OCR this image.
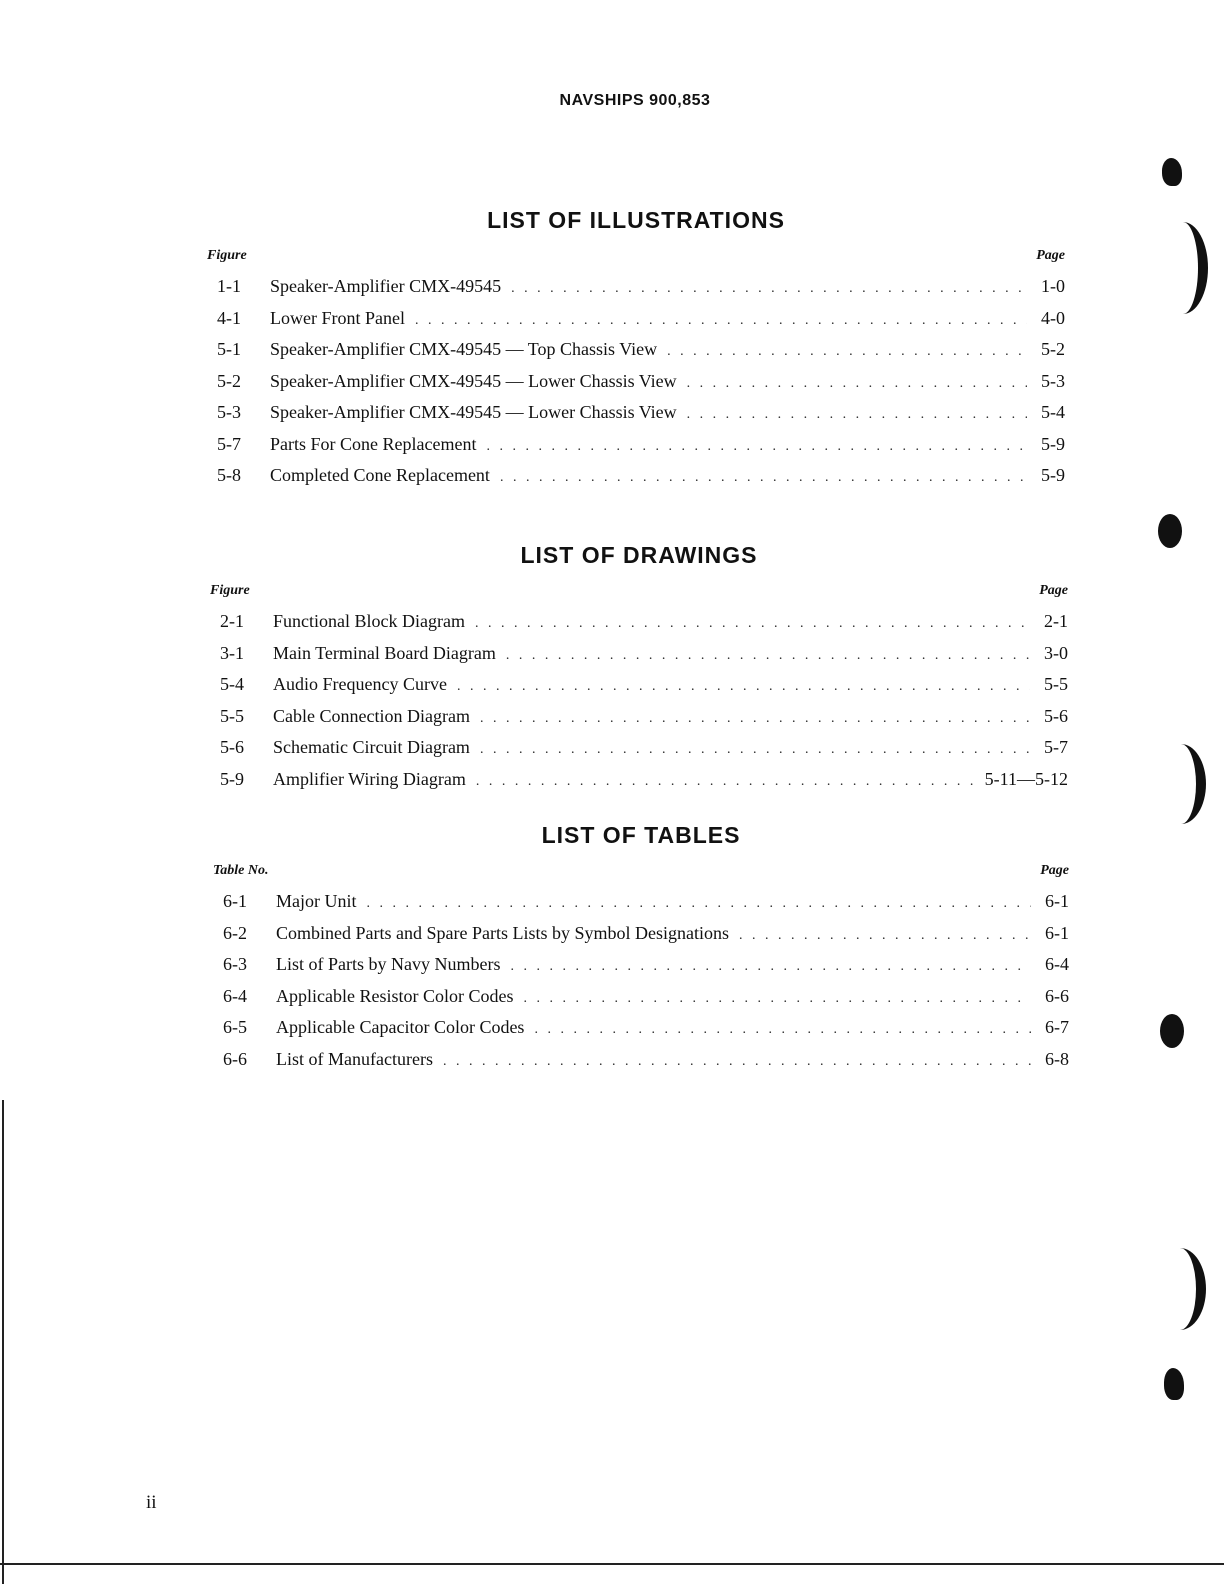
NAVSHIPS 900,853
LIST OF ILLUSTRATIONS
Figure	Page
1-1	Speaker-Amplifier CMX-49545 . . .	1-0
4-1	Lower Front Panel . . .	4-0
5-1	Speaker-Amplifier CMX-49545 — Top Chassis View . . .	5-2
5-2	Speaker-Amplifier CMX-49545 — Lower Chassis View . . .	5-3
5-3	Speaker-Amplifier CMX-49545 — Lower Chassis View . . .	5-4
5-7	Parts For Cone Replacement . . .	5-9
5-8	Completed Cone Replacement . . .	5-9
LIST OF DRAWINGS
Figure	Page
2-1	Functional Block Diagram . . .	2-1
3-1	Main Terminal Board Diagram . . .	3-0
5-4	Audio Frequency Curve . . .	5-5
5-5	Cable Connection Diagram . . .	5-6
5-6	Schematic Circuit Diagram . . .	5-7
5-9	Amplifier Wiring Diagram . . .	5-11—5-12
LIST OF TABLES
Table No.	Page
6-1	Major Unit . . .	6-1
6-2	Combined Parts and Spare Parts Lists by Symbol Designations . . .	6-1
6-3	List of Parts by Navy Numbers . . .	6-4
6-4	Applicable Resistor Color Codes . . .	6-6
6-5	Applicable Capacitor Color Codes . . .	6-7
6-6	List of Manufacturers . . .	6-8
ii
